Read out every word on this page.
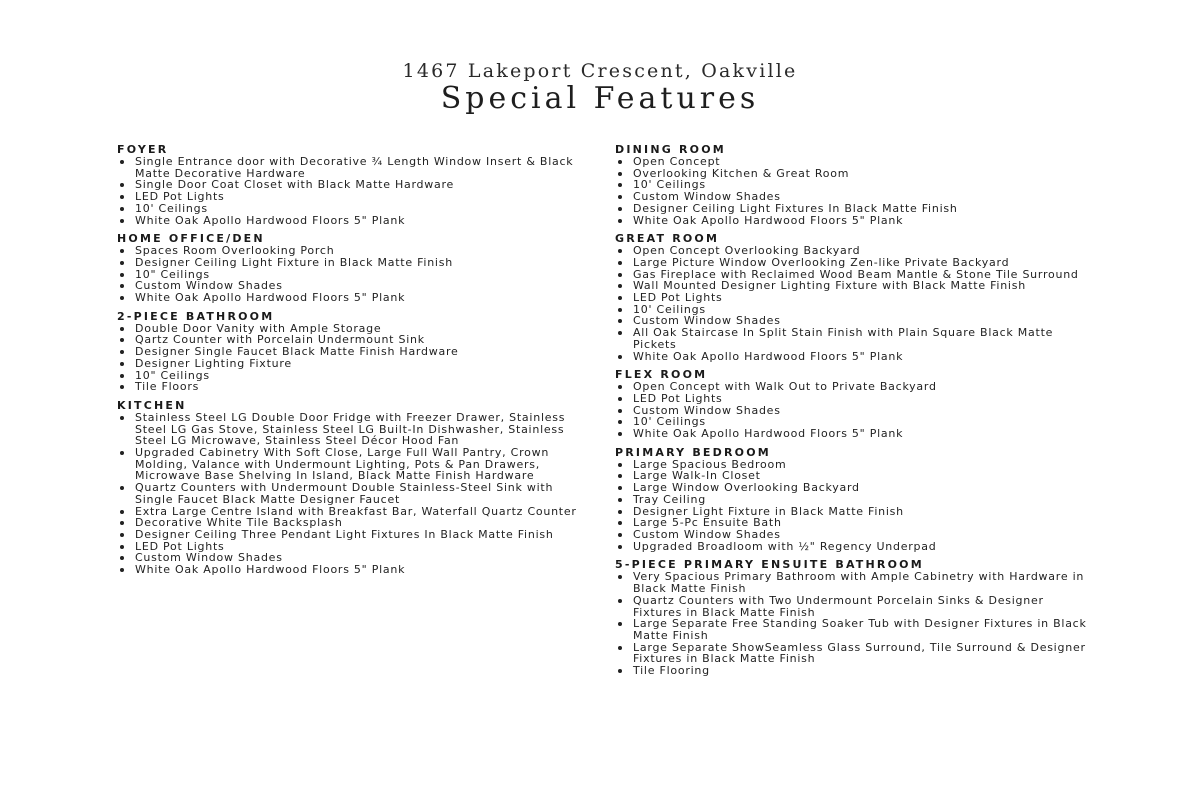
1467 Lakeport Crescent, Oakville
Special Features
FOYER
Single Entrance door with Decorative ¾ Length Window Insert & Black Matte Decorative Hardware
Single Door Coat Closet with Black Matte Hardware
LED Pot Lights
10' Ceilings
White Oak Apollo Hardwood Floors 5" Plank
HOME OFFICE/DEN
Spaces Room Overlooking Porch
Designer Ceiling Light Fixture in Black Matte Finish
10" Ceilings
Custom Window Shades
White Oak Apollo Hardwood Floors 5" Plank
2-PIECE BATHROOM
Double Door Vanity with Ample Storage
Qartz Counter with Porcelain Undermount Sink
Designer Single Faucet Black Matte Finish Hardware
Designer Lighting Fixture
10" Ceilings
Tile Floors
KITCHEN
Stainless Steel LG Double Door Fridge with Freezer Drawer, Stainless Steel LG Gas Stove, Stainless Steel LG Built-In Dishwasher, Stainless Steel LG Microwave, Stainless Steel Décor Hood Fan
Upgraded Cabinetry With Soft Close, Large Full Wall Pantry, Crown Molding, Valance with Undermount Lighting, Pots & Pan Drawers, Microwave Base Shelving In Island, Black Matte Finish Hardware
Quartz Counters with Undermount Double Stainless-Steel Sink with Single Faucet Black Matte Designer Faucet
Extra Large Centre Island with Breakfast Bar, Waterfall Quartz Counter
Decorative White Tile Backsplash
Designer Ceiling Three Pendant Light Fixtures In Black Matte Finish
LED Pot Lights
Custom Window Shades
White Oak Apollo Hardwood Floors 5" Plank
DINING ROOM
Open Concept
Overlooking Kitchen & Great Room
10' Ceilings
Custom Window Shades
Designer Ceiling Light Fixtures In Black Matte Finish
White Oak Apollo Hardwood Floors 5" Plank
GREAT ROOM
Open Concept Overlooking Backyard
Large Picture Window Overlooking Zen-like Private Backyard
Gas Fireplace with Reclaimed Wood Beam Mantle & Stone Tile Surround
Wall Mounted Designer Lighting Fixture with Black Matte Finish
LED Pot Lights
10' Ceilings
Custom Window Shades
All Oak Staircase In Split Stain Finish with Plain Square Black Matte Pickets
White Oak Apollo Hardwood Floors 5" Plank
FLEX ROOM
Open Concept with Walk Out to Private Backyard
LED Pot Lights
Custom Window Shades
10' Ceilings
White Oak Apollo Hardwood Floors 5" Plank
PRIMARY BEDROOM
Large Spacious Bedroom
Large Walk-In Closet
Large Window Overlooking Backyard
Tray Ceiling
Designer Light Fixture in Black Matte Finish
Large 5-Pc Ensuite Bath
Custom Window Shades
Upgraded Broadloom with ½" Regency Underpad
5-PIECE PRIMARY ENSUITE BATHROOM
Very Spacious Primary Bathroom with Ample Cabinetry with Hardware in Black Matte Finish
Quartz Counters with Two Undermount Porcelain Sinks & Designer Fixtures in Black Matte Finish
Large Separate Free Standing Soaker Tub with Designer Fixtures in Black Matte Finish
Large Separate ShowSeamless Glass Surround, Tile Surround & Designer Fixtures in Black Matte Finish
Tile Flooring
